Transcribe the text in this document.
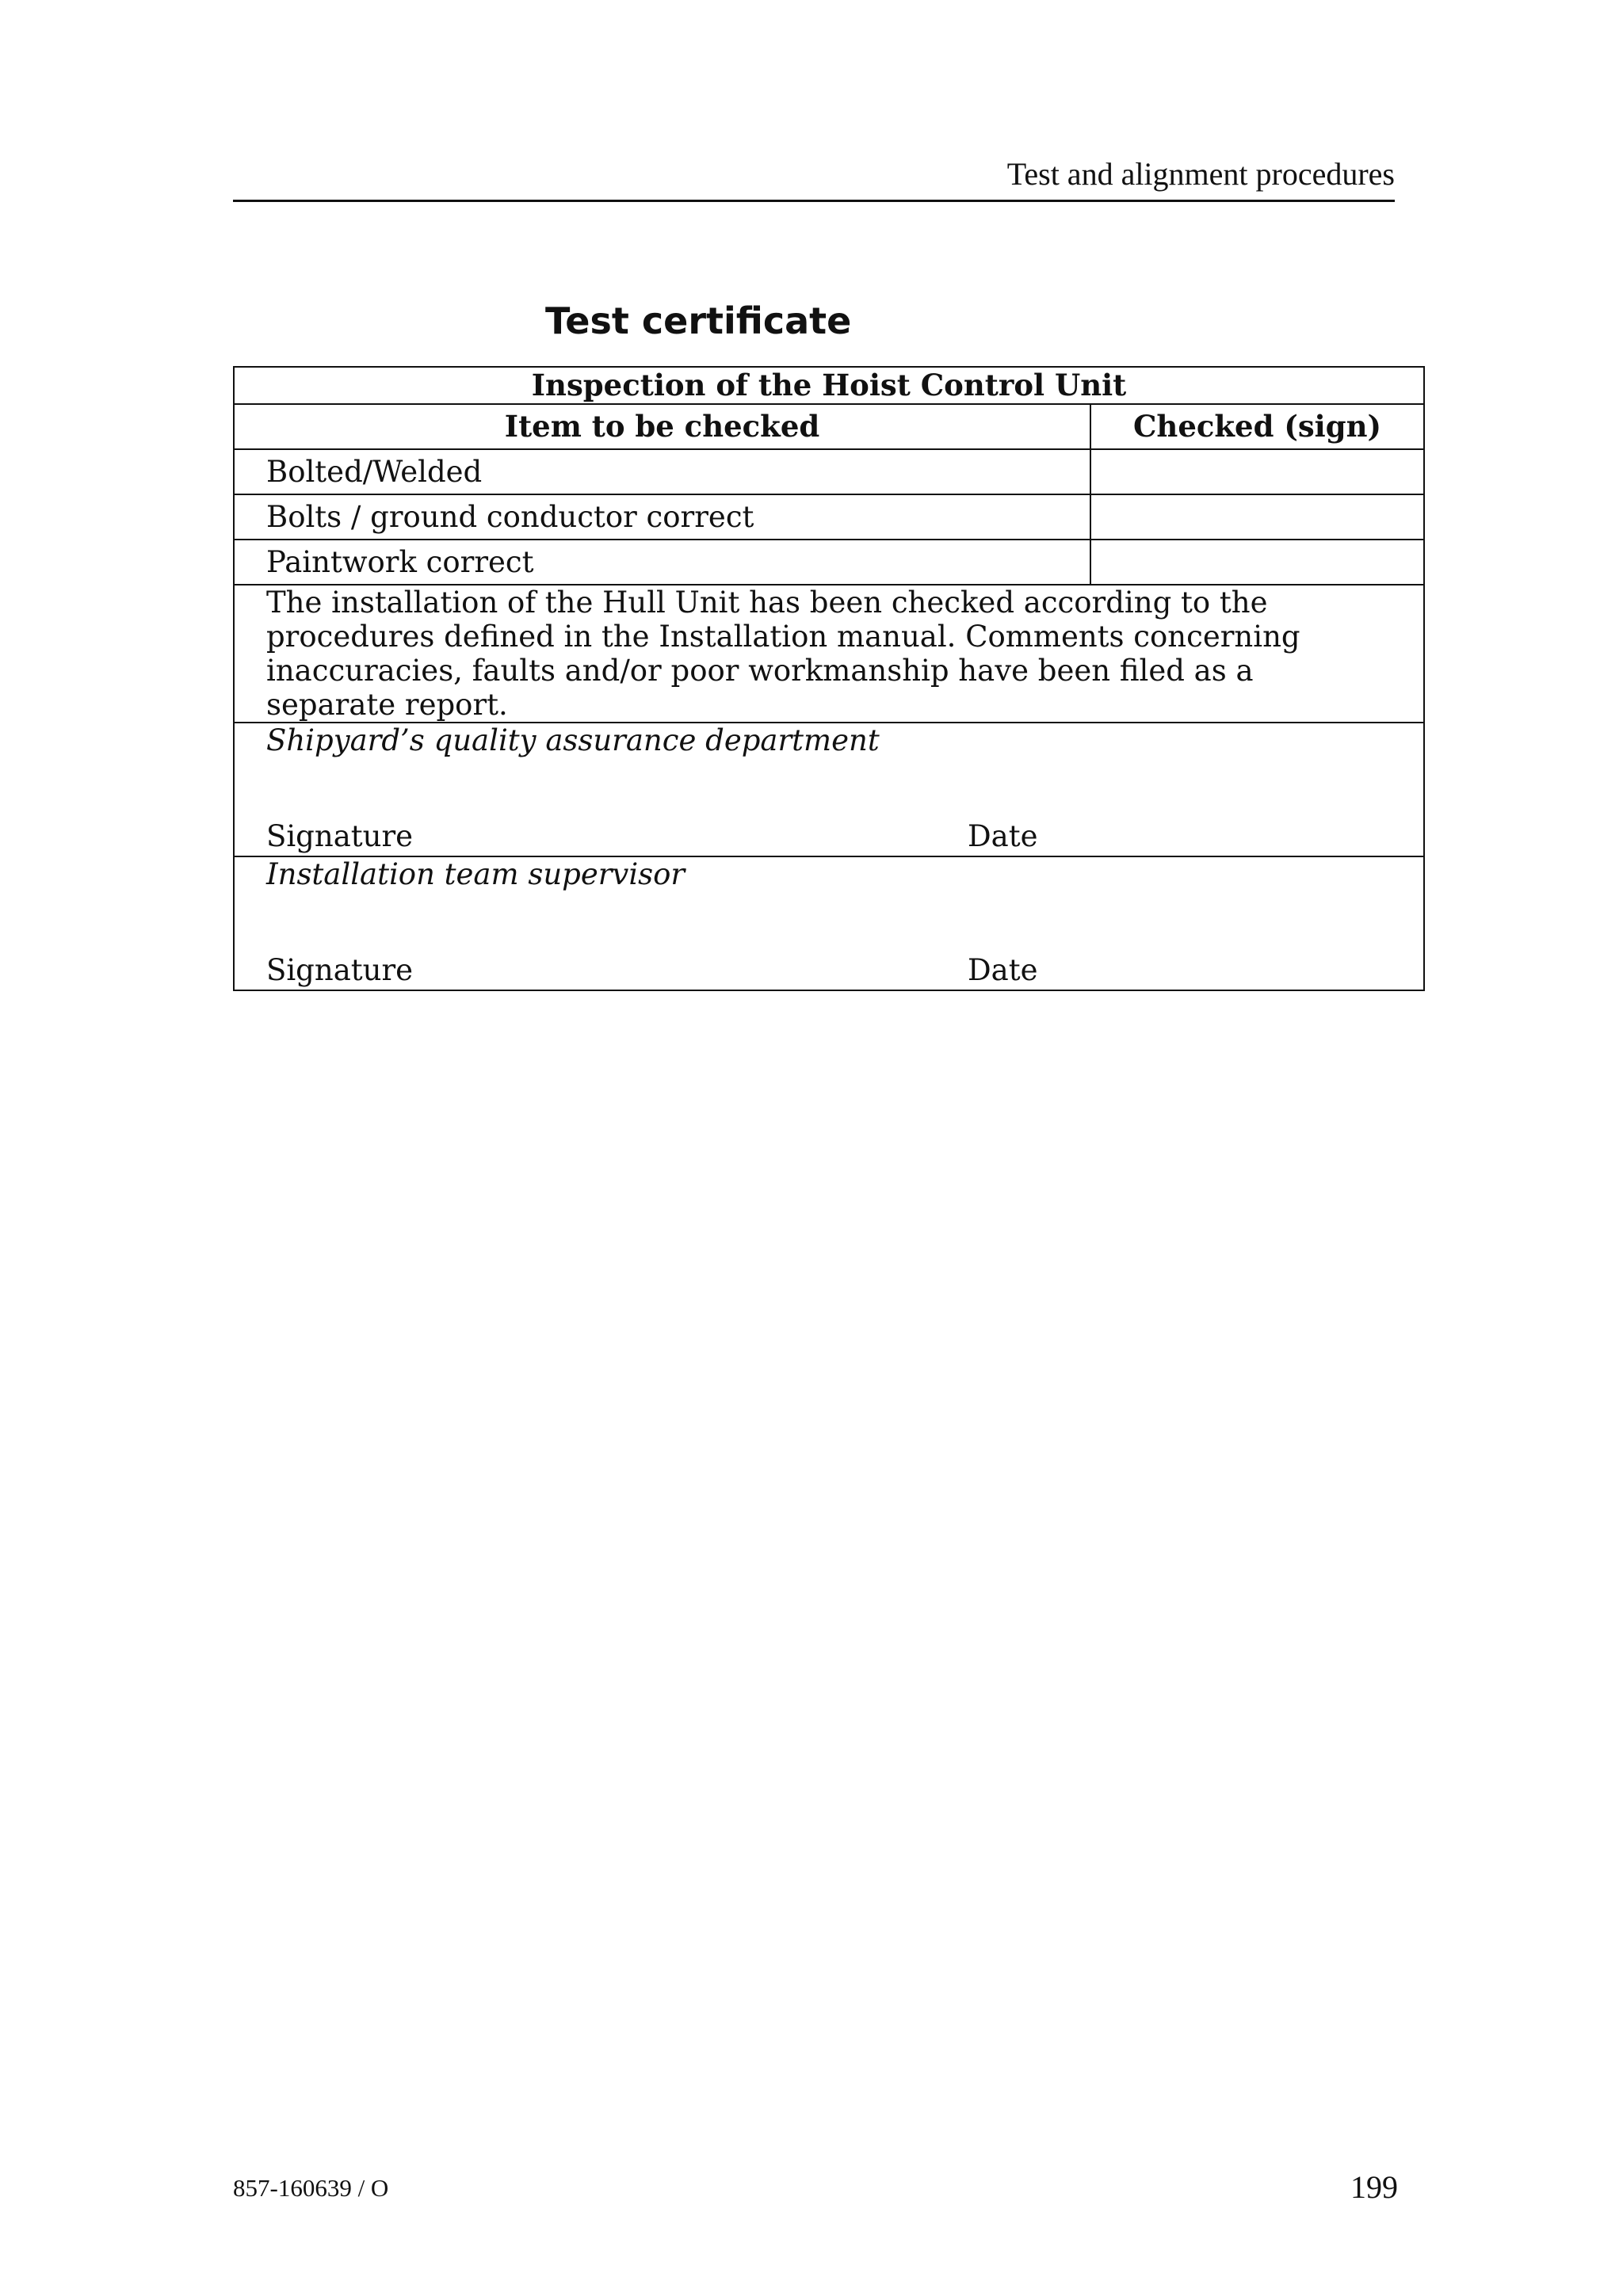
Test and alignment procedures
Test certificate
Inspection of the Hoist Control Unit	
Item to be checked	Checked (sign)
Bolted/Welded	
Bolts / ground conductor correct	
Paintwork correct	
The installation of the Hull Unit has been checked according to the procedures defined in the Installation manual. Comments concerning inaccuracies, faults and/or poor workmanship have been filed as a separate report.	

Shipyard’s quality assurance department
Signature Date	

Installation team supervisor
Signature Date	
857-160639 / O	199
